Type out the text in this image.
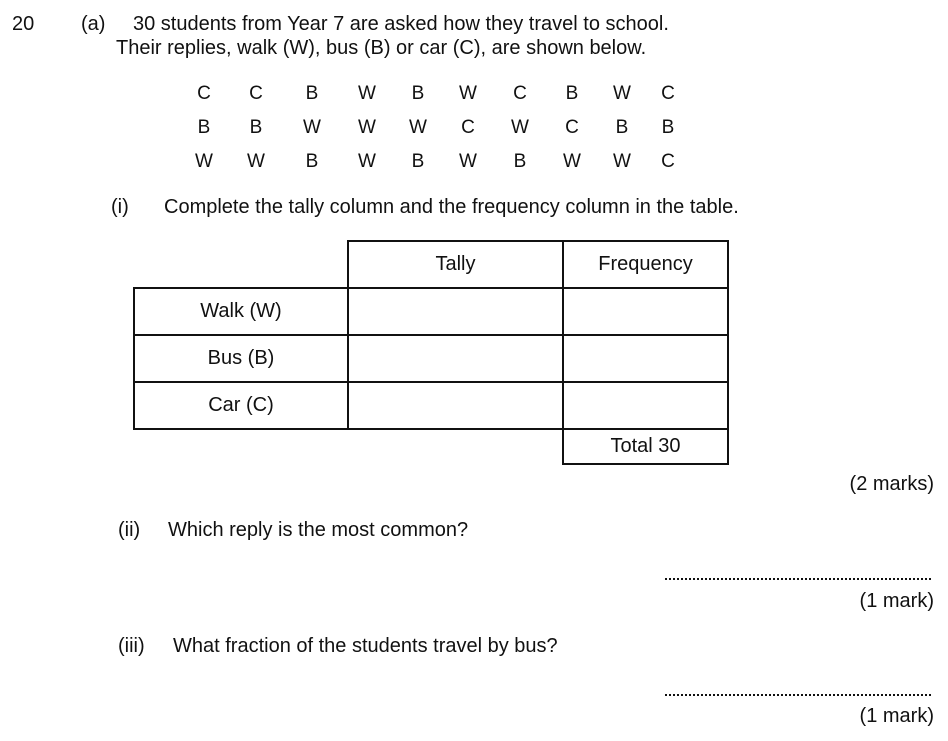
20 (a) 30 students from Year 7 are asked how they travel to school.
Their replies, walk (W), bus (B) or car (C), are shown below.
C	C	B	W	B	W	C	B	W	C
B	B	W	W	W	C	W	C	B	B
W	W	B	W	B	W	B	W	W	C
(i) Complete the tally column and the frequency column in the table.
	Tally	Frequency
Walk (W)		
Bus (B)		
Car (C)		
		Total 30
(2 marks)
(ii) Which reply is the most common?
(1 mark)
(iii) What fraction of the students travel by bus?
(1 mark)
